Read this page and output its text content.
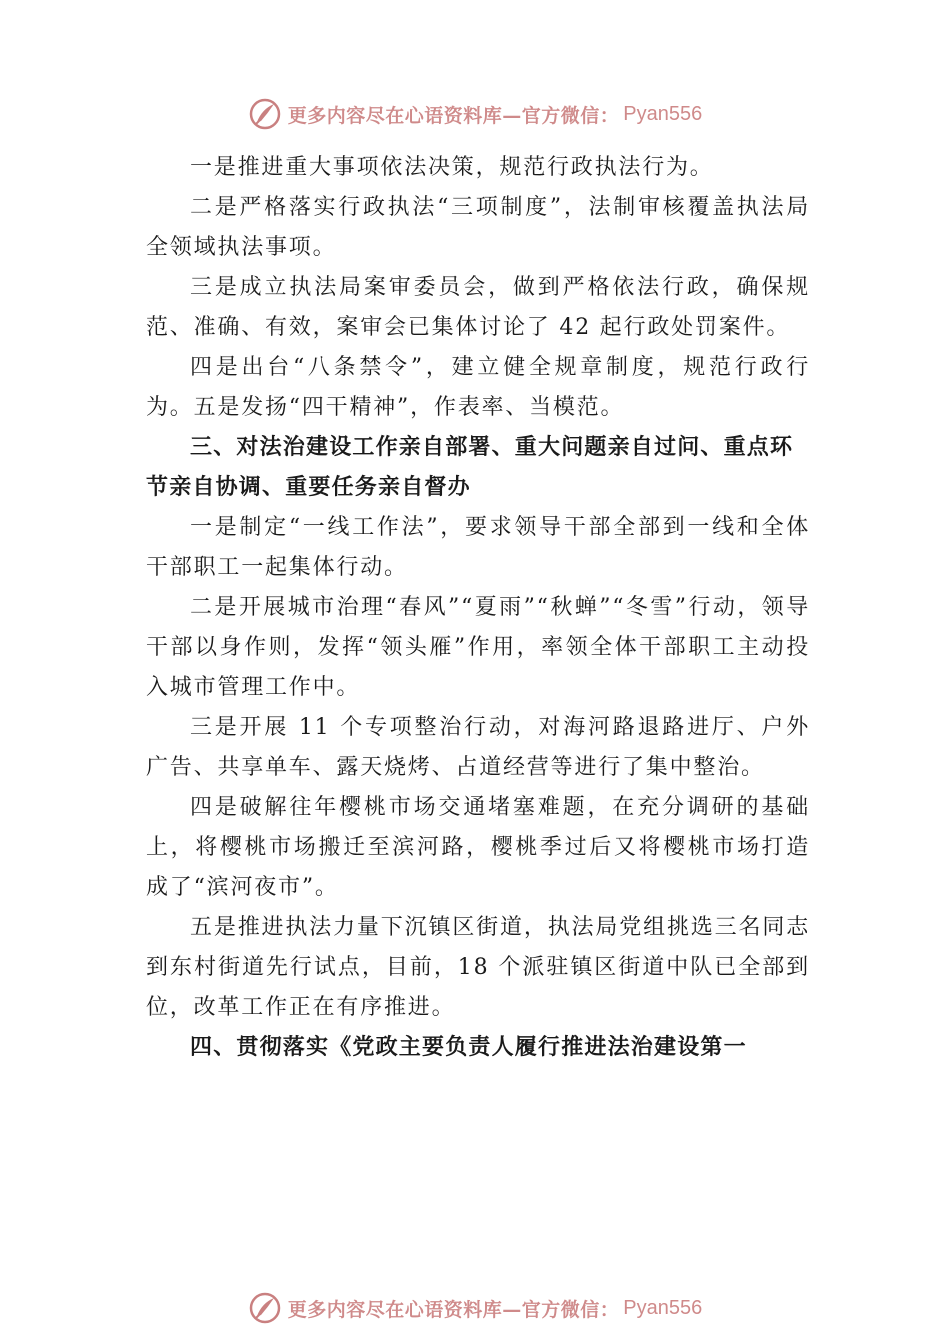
更多内容尽在心语资料库—官方微信： Pyan556

一是推进重大事项依法决策，规范行政执法行为。

二是严格落实行政执法“三项制度”，法制审核覆盖执法局全领域执法事项。

三是成立执法局案审委员会，做到严格依法行政，确保规范、准确、有效，案审会已集体讨论了 42 起行政处罚案件。

四是出台“八条禁令”，建立健全规章制度，规范行政行为。五是发扬“四干精神”，作表率、当模范。

三、对法治建设工作亲自部署、重大问题亲自过问、重点环节亲自协调、重要任务亲自督办

一是制定“一线工作法”，要求领导干部全部到一线和全体干部职工一起集体行动。

二是开展城市治理“春风”“夏雨”“秋蝉”“冬雪”行动，领导干部以身作则，发挥“领头雁”作用，率领全体干部职工主动投入城市管理工作中。

三是开展 11 个专项整治行动，对海河路退路进厅、户外广告、共享单车、露天烧烤、占道经营等进行了集中整治。

四是破解往年樱桃市场交通堵塞难题，在充分调研的基础上，将樱桃市场搬迁至滨河路，樱桃季过后又将樱桃市场打造成了“滨河夜市”。

五是推进执法力量下沉镇区街道，执法局党组挑选三名同志到东村街道先行试点，目前，18 个派驻镇区街道中队已全部到位，改革工作正在有序推进。

四、贯彻落实《党政主要负责人履行推进法治建设第一

更多内容尽在心语资料库—官方微信： Pyan556
